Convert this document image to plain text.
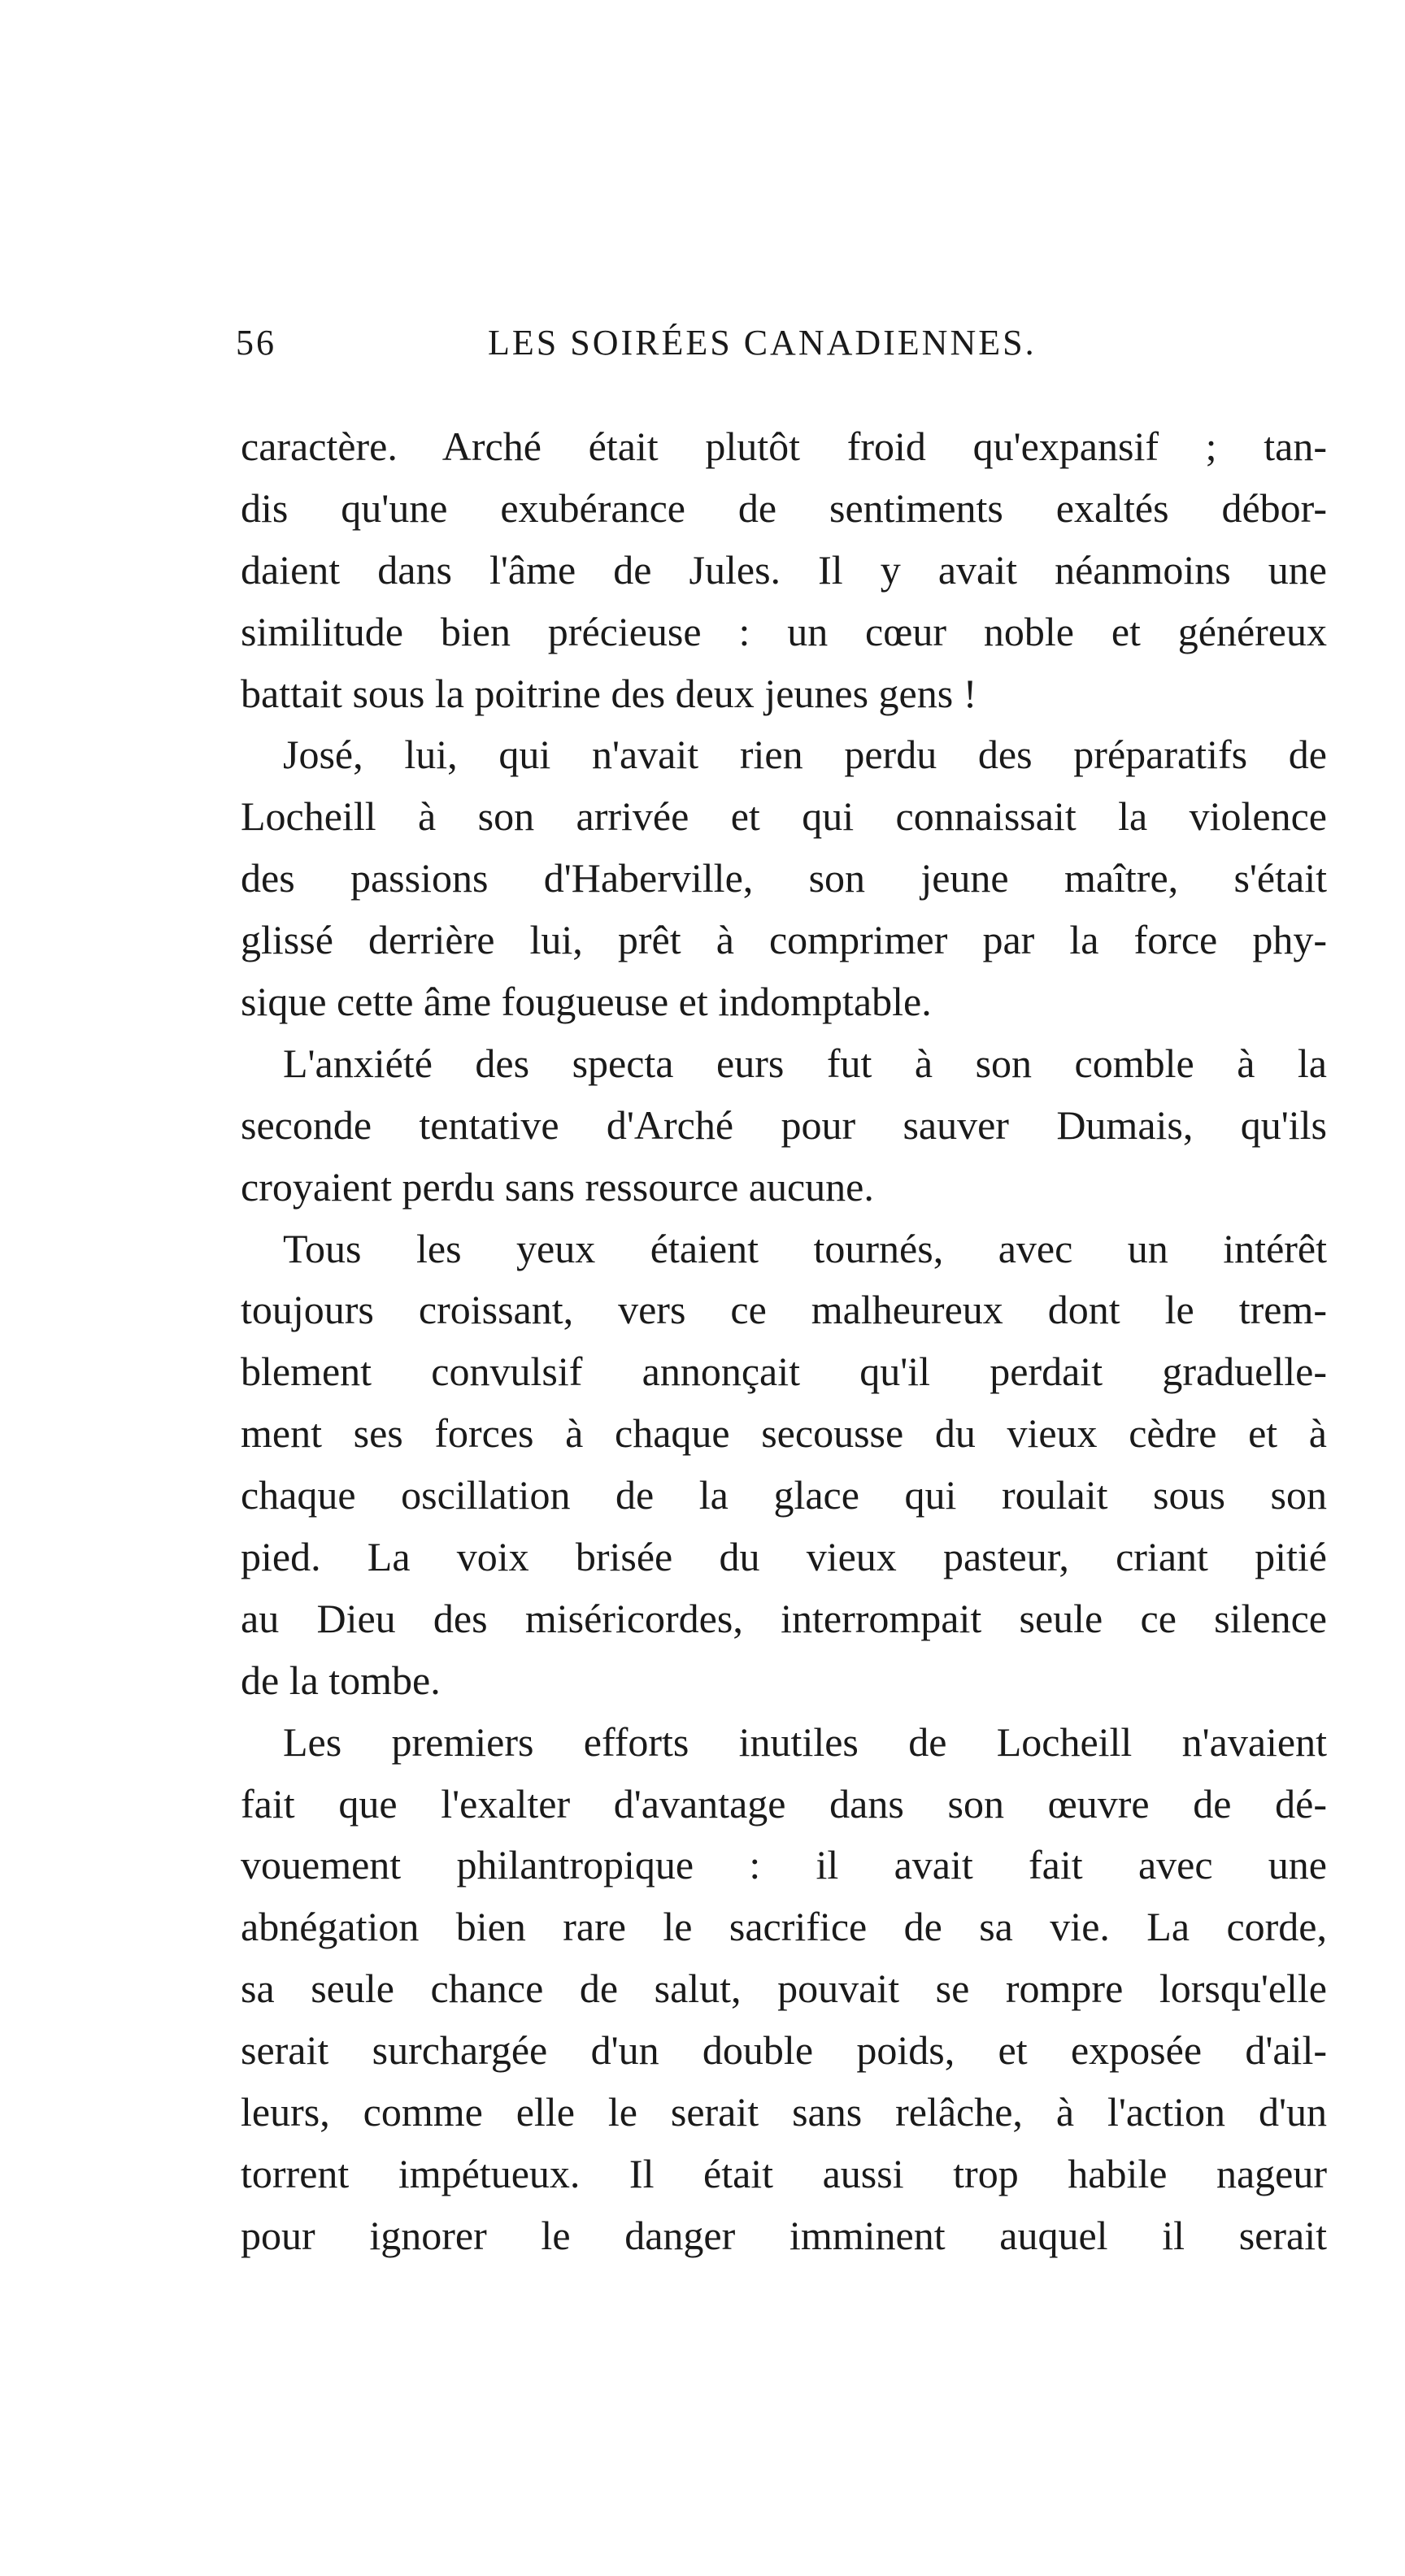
56	LES SOIRÉES CANADIENNES.
caractère. Arché était plutôt froid qu'expansif ; tan-
dis qu'une exubérance de sentiments exaltés débor-
daient dans l'âme de Jules. Il y avait néanmoins une
similitude bien précieuse : un cœur noble et généreux
battait sous la poitrine des deux jeunes gens !
José, lui, qui n'avait rien perdu des préparatifs de
Locheill à son arrivée et qui connaissait la violence
des passions d'Haberville, son jeune maître, s'était
glissé derrière lui, prêt à comprimer par la force phy-
sique cette âme fougueuse et indomptable.
L'anxiété des specta eurs fut à son comble à la
seconde tentative d'Arché pour sauver Dumais, qu'ils
croyaient perdu sans ressource aucune.
Tous les yeux étaient tournés, avec un intérêt
toujours croissant, vers ce malheureux dont le trem-
blement convulsif annonçait qu'il perdait graduelle-
ment ses forces à chaque secousse du vieux cèdre et à
chaque oscillation de la glace qui roulait sous son
pied. La voix brisée du vieux pasteur, criant pitié
au Dieu des miséricordes, interrompait seule ce silence
de la tombe.
Les premiers efforts inutiles de Locheill n'avaient
fait que l'exalter d'avantage dans son œuvre de dé-
vouement philantropique : il avait fait avec une
abnégation bien rare le sacrifice de sa vie. La corde,
sa seule chance de salut, pouvait se rompre lorsqu'elle
serait surchargée d'un double poids, et exposée d'ail-
leurs, comme elle le serait sans relâche, à l'action d'un
torrent impétueux. Il était aussi trop habile nageur
pour ignorer le danger imminent auquel il serait
